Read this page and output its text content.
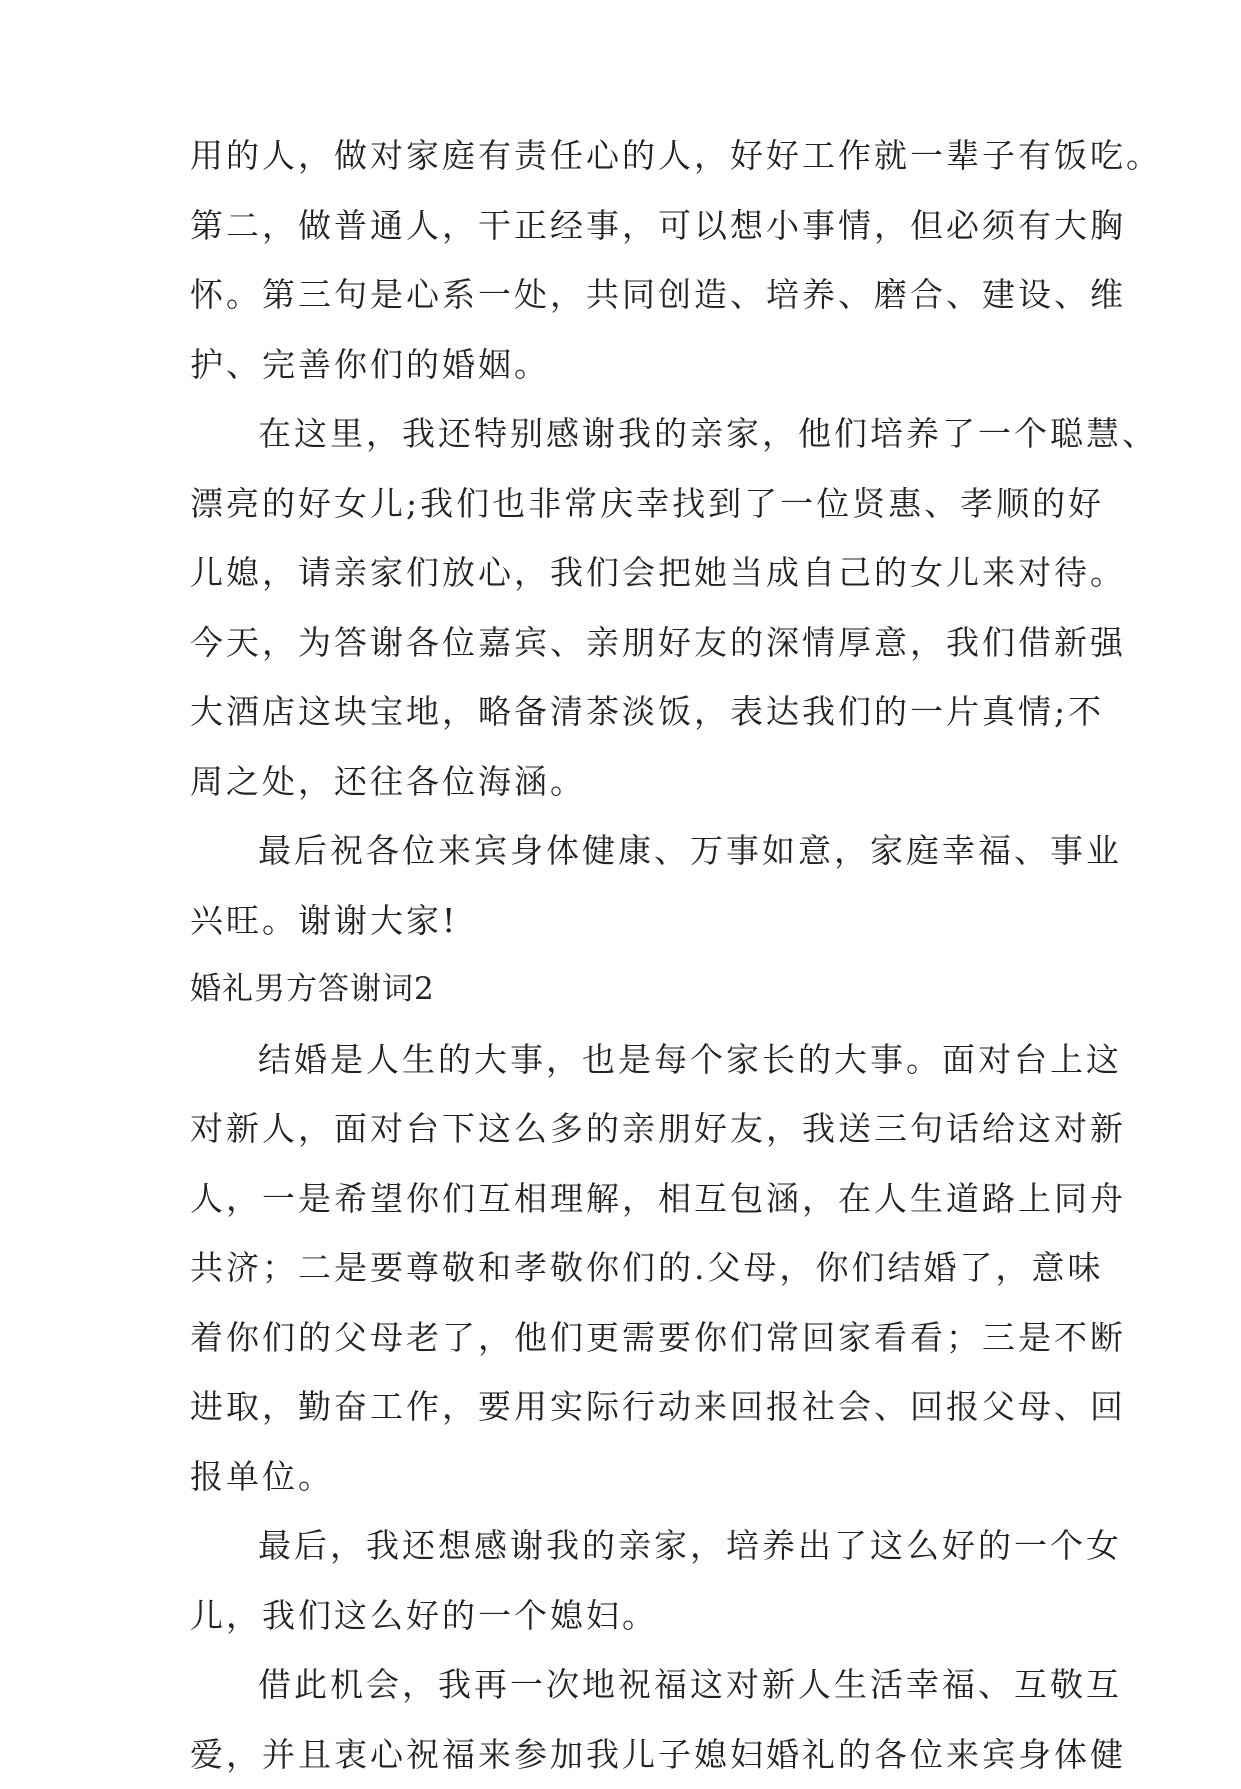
用的人，做对家庭有责任心的人，好好工作就一辈子有饭吃。
第二，做普通人，干正经事，可以想小事情，但必须有大胸
怀。第三句是心系一处，共同创造、培养、磨合、建设、维
护、完善你们的婚姻。
在这里，我还特别感谢我的亲家，他们培养了一个聪慧、
漂亮的好女儿;我们也非常庆幸找到了一位贤惠、孝顺的好
儿媳，请亲家们放心，我们会把她当成自己的女儿来对待。
今天，为答谢各位嘉宾、亲朋好友的深情厚意，我们借新强
大酒店这块宝地，略备清茶淡饭，表达我们的一片真情;不
周之处，还往各位海涵。
最后祝各位来宾身体健康、万事如意，家庭幸福、事业
兴旺。谢谢大家!
婚礼男方答谢词2
结婚是人生的大事，也是每个家长的大事。面对台上这
对新人，面对台下这么多的亲朋好友，我送三句话给这对新
人，一是希望你们互相理解，相互包涵，在人生道路上同舟
共济；二是要尊敬和孝敬你们的.父母，你们结婚了，意味
着你们的父母老了，他们更需要你们常回家看看；三是不断
进取，勤奋工作，要用实际行动来回报社会、回报父母、回
报单位。
最后，我还想感谢我的亲家，培养出了这么好的一个女
儿，我们这么好的一个媳妇。
借此机会，我再一次地祝福这对新人生活幸福、互敬互
爱，并且衷心祝福来参加我儿子媳妇婚礼的各位来宾身体健
